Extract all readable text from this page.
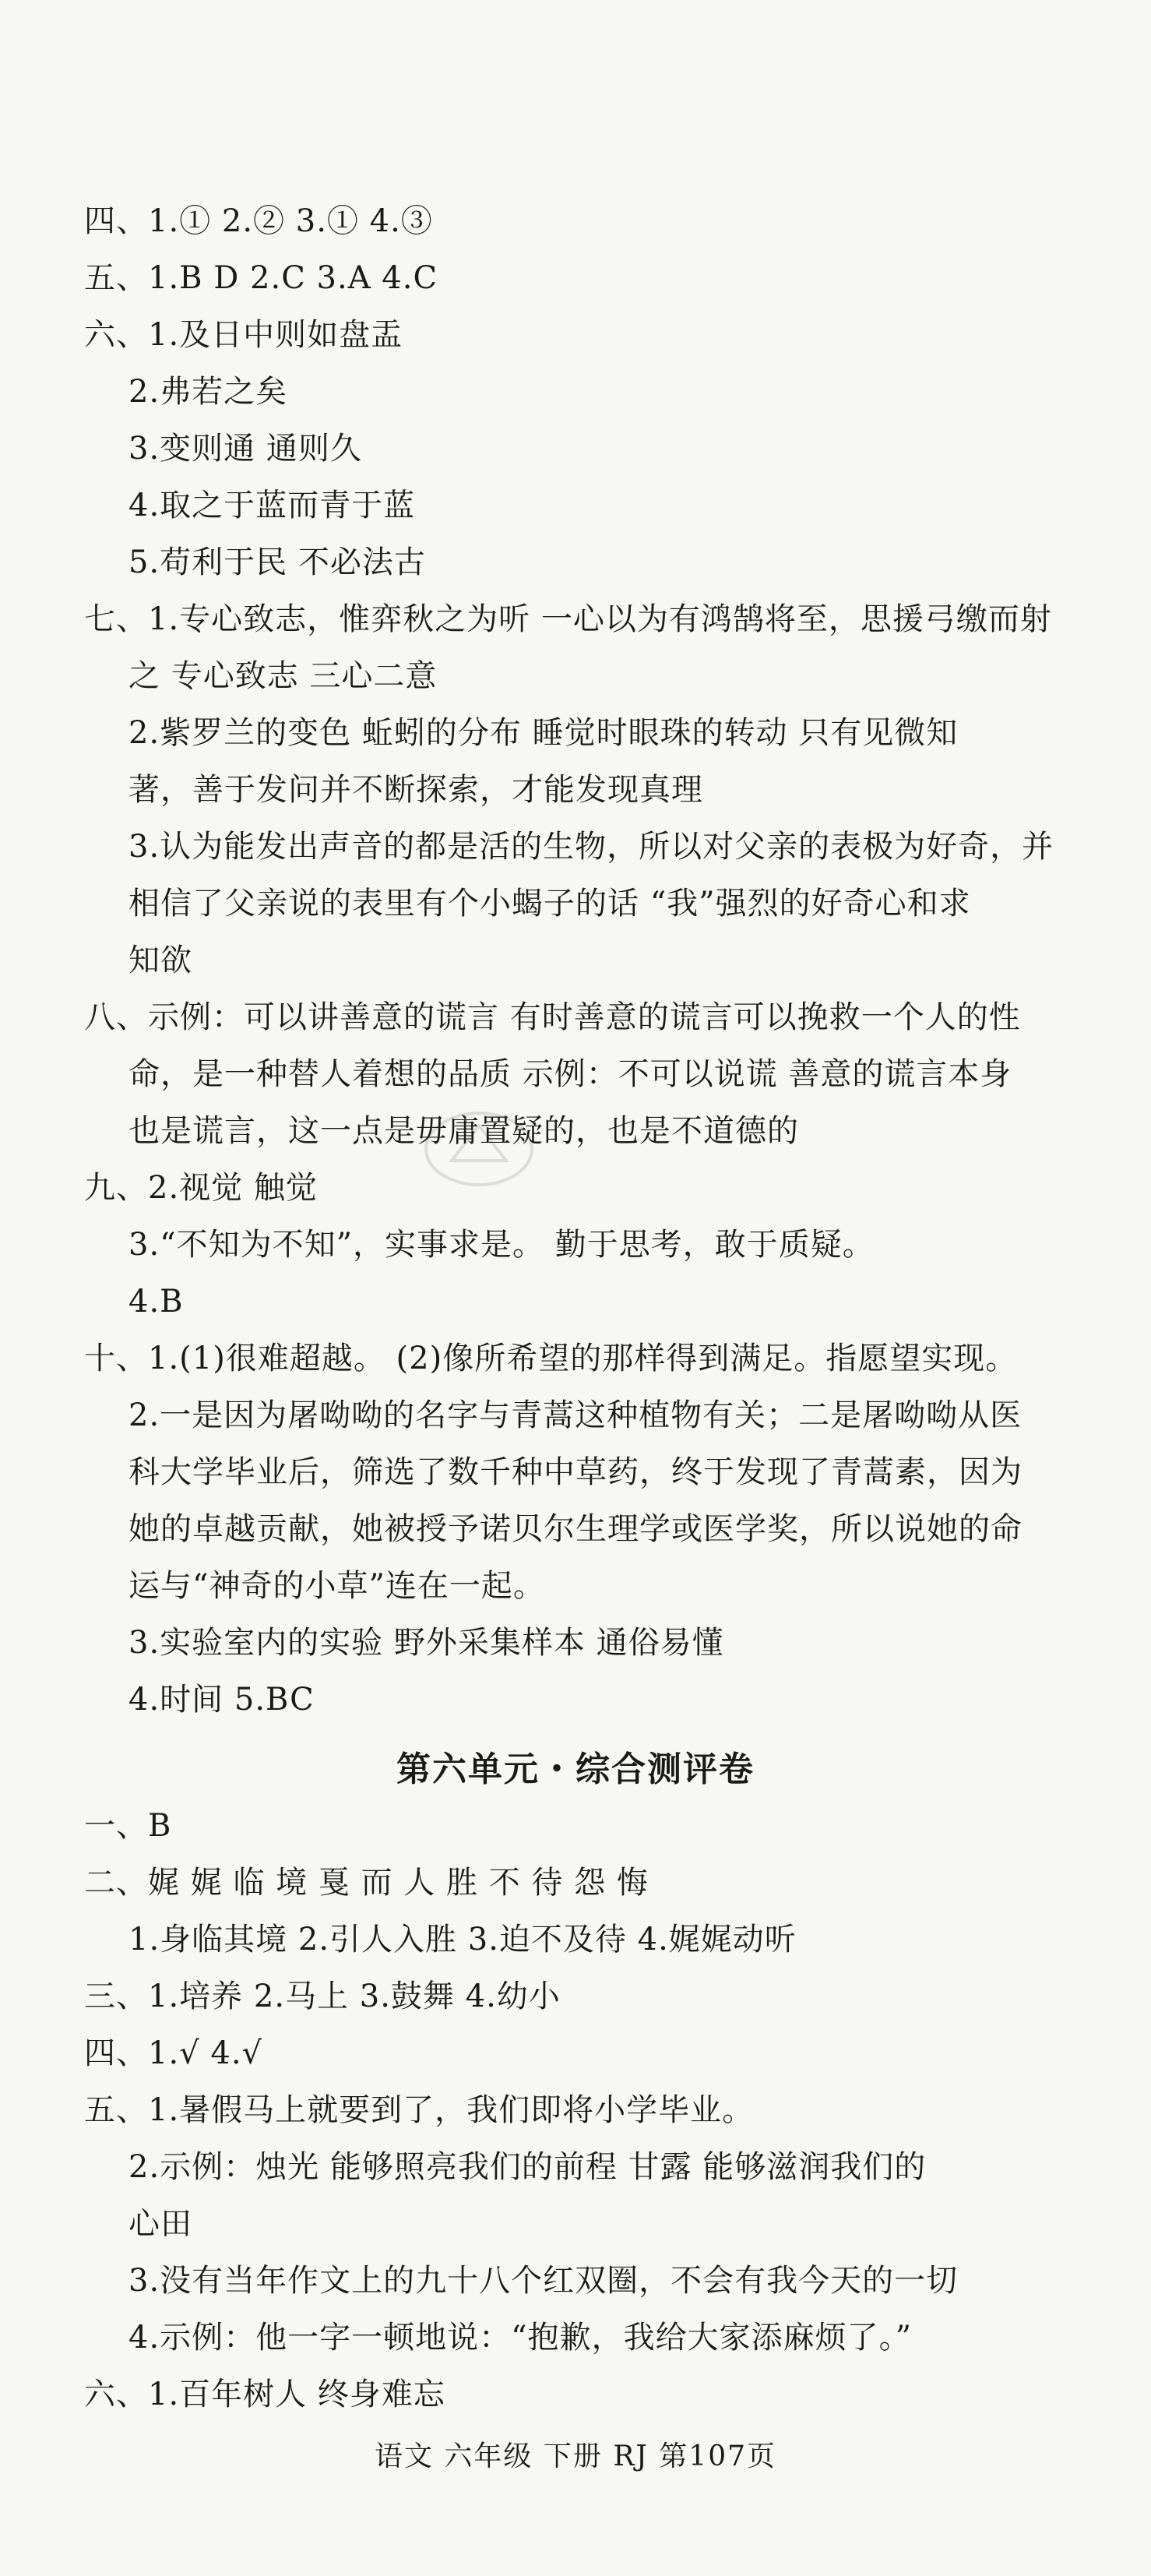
四、1.① 2.② 3.① 4.③
五、1.B D 2.C 3.A 4.C
六、1.及日中则如盘盂
2.弗若之矣
3.变则通 通则久
4.取之于蓝而青于蓝
5.苟利于民 不必法古
七、1.专心致志，惟弈秋之为听 一心以为有鸿鹄将至，思援弓缴而射
之 专心致志 三心二意
2.紫罗兰的变色 蚯蚓的分布 睡觉时眼珠的转动 只有见微知
著，善于发问并不断探索，才能发现真理
3.认为能发出声音的都是活的生物，所以对父亲的表极为好奇，并
相信了父亲说的表里有个小蝎子的话 “我”强烈的好奇心和求
知欲
八、示例：可以讲善意的谎言 有时善意的谎言可以挽救一个人的性
命，是一种替人着想的品质 示例：不可以说谎 善意的谎言本身
也是谎言，这一点是毋庸置疑的，也是不道德的
九、2.视觉 触觉
3.“不知为不知”，实事求是。 勤于思考，敢于质疑。
4.B
十、1.(1)很难超越。 (2)像所希望的那样得到满足。指愿望实现。
2.一是因为屠呦呦的名字与青蒿这种植物有关；二是屠呦呦从医
科大学毕业后，筛选了数千种中草药，终于发现了青蒿素，因为
她的卓越贡献，她被授予诺贝尔生理学或医学奖，所以说她的命
运与“神奇的小草”连在一起。
3.实验室内的实验 野外采集样本 通俗易懂
4.时间 5.BC
第六单元・综合测评卷
一、B
二、娓 娓 临 境 戛 而 人 胜 不 待 怨 悔
1.身临其境 2.引人入胜 3.迫不及待 4.娓娓动听
三、1.培养 2.马上 3.鼓舞 4.幼小
四、1.√ 4.√
五、1.暑假马上就要到了，我们即将小学毕业。
2.示例：烛光 能够照亮我们的前程 甘露 能够滋润我们的
心田
3.没有当年作文上的九十八个红双圈，不会有我今天的一切
4.示例：他一字一顿地说：“抱歉，我给大家添麻烦了。”
六、1.百年树人 终身难忘
语文 六年级 下册 RJ 第107页
